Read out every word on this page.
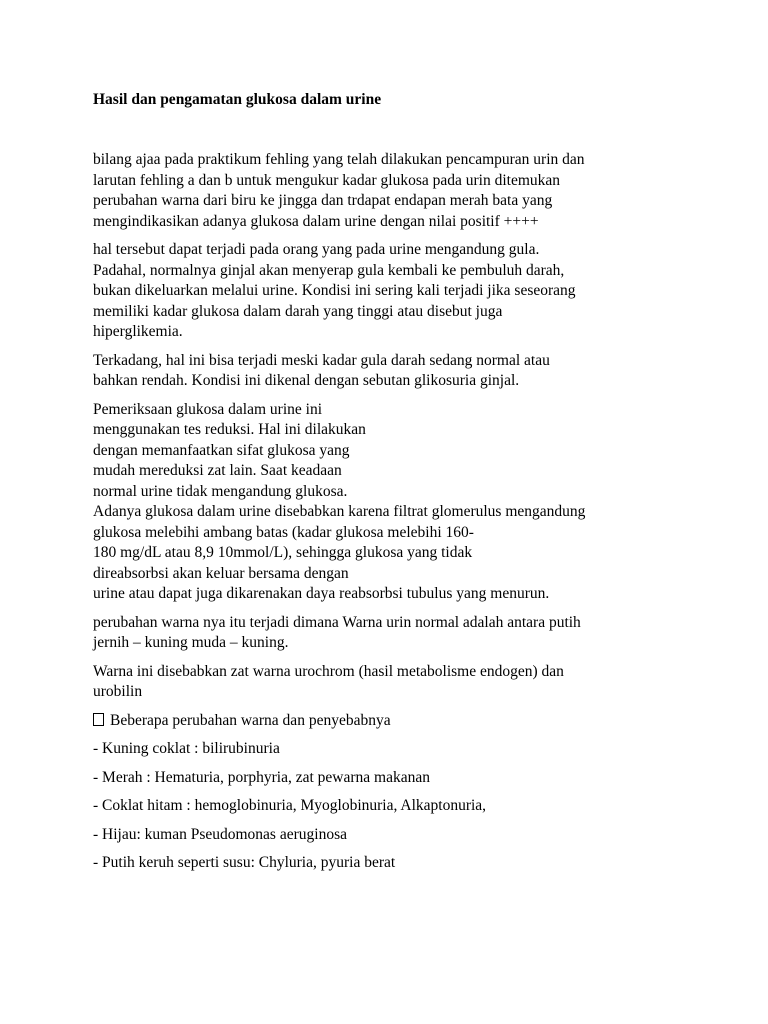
Hasil dan pengamatan glukosa dalam urine

bilang ajaa pada praktikum fehling yang telah dilakukan pencampuran urin dan
larutan fehling a dan b untuk mengukur kadar glukosa pada urin ditemukan
perubahan warna dari biru ke jingga dan trdapat endapan merah bata yang
mengindikasikan adanya glukosa dalam urine dengan nilai positif ++++

hal tersebut dapat terjadi pada orang yang pada urine mengandung gula.
Padahal, normalnya ginjal akan menyerap gula kembali ke pembuluh darah,
bukan dikeluarkan melalui urine. Kondisi ini sering kali terjadi jika seseorang
memiliki kadar glukosa dalam darah yang tinggi atau disebut juga
hiperglikemia.

Terkadang, hal ini bisa terjadi meski kadar gula darah sedang normal atau
bahkan rendah. Kondisi ini dikenal dengan sebutan glikosuria ginjal.

Pemeriksaan glukosa dalam urine ini
menggunakan tes reduksi. Hal ini dilakukan
dengan memanfaatkan sifat glukosa yang
mudah mereduksi zat lain. Saat keadaan
normal urine tidak mengandung glukosa.
Adanya glukosa dalam urine disebabkan karena filtrat glomerulus mengandung
glukosa melebihi ambang batas (kadar glukosa melebihi 160-
180 mg/dL atau 8,9 10mmol/L), sehingga glukosa yang tidak
direabsorbsi akan keluar bersama dengan
urine atau dapat juga dikarenakan daya reabsorbsi tubulus yang menurun.

perubahan warna nya itu terjadi dimana Warna urin normal adalah antara putih
jernih – kuning muda – kuning.

Warna ini disebabkan zat warna urochrom (hasil metabolisme endogen) dan
urobilin

Beberapa perubahan warna dan penyebabnya

- Kuning coklat : bilirubinuria

- Merah : Hematuria, porphyria, zat pewarna makanan

- Coklat hitam : hemoglobinuria, Myoglobinuria, Alkaptonuria,

- Hijau: kuman Pseudomonas aeruginosa

- Putih keruh seperti susu: Chyluria, pyuria berat
